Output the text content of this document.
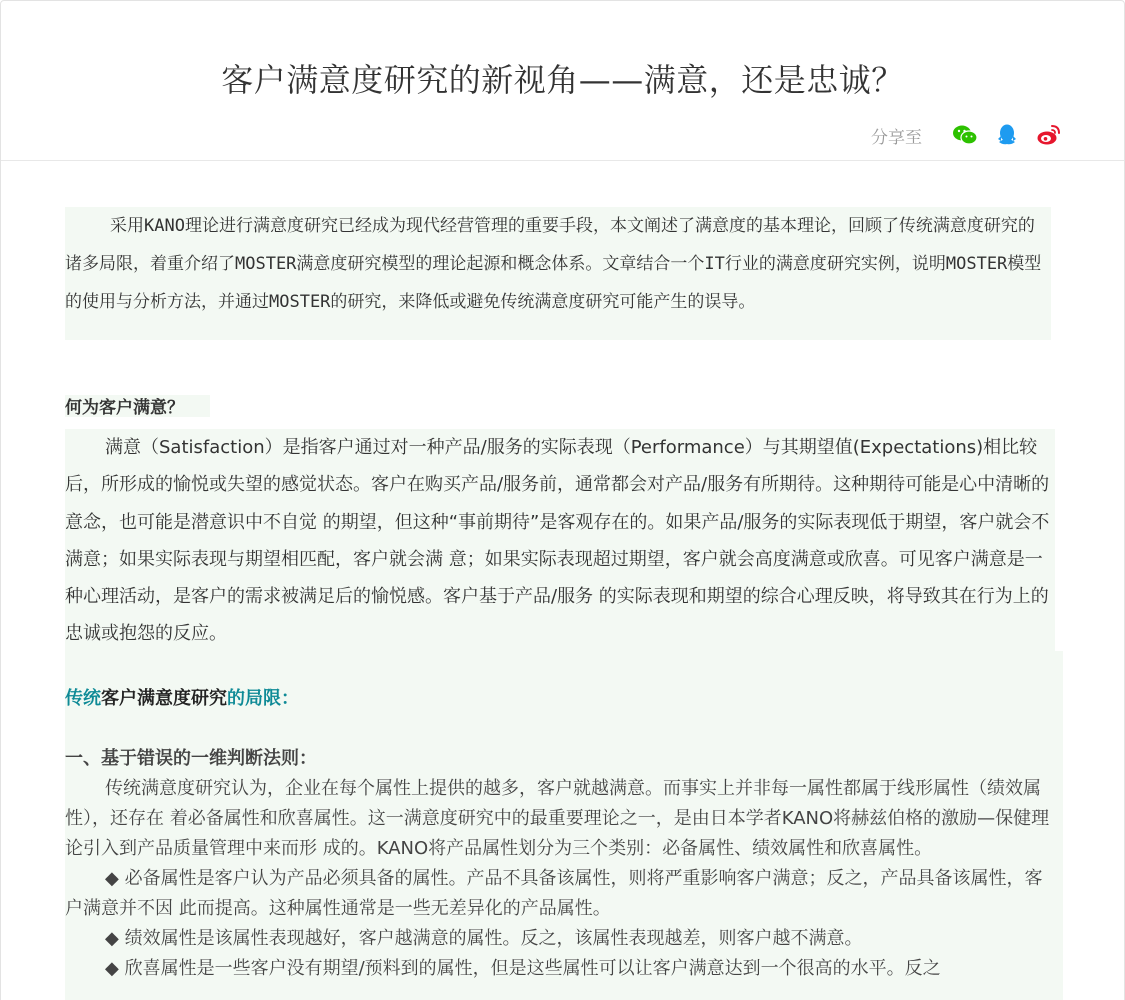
客户满意度研究的新视角——满意，还是忠诚？
分享至

采用KANO理论进行满意度研究已经成为现代经营管理的重要手段，本文阐述了满意度的基本理论，回顾了传统满意度研究的诸多局限，着重介绍了MOSTER满意度研究模型的理论起源和概念体系。文章结合一个IT行业的满意度研究实例，说明MOSTER模型的使用与分析方法，并通过MOSTER的研究，来降低或避免传统满意度研究可能产生的误导。

何为客户满意？

满意（Satisfaction）是指客户通过对一种产品/服务的实际表现（Performance）与其期望值(Expectations)相比较后，所形成的愉悦或失望的感觉状态。客户在购买产品/服务前，通常都会对产品/服务有所期待。这种期待可能是心中清晰的意念，也可能是潜意识中不自觉 的期望，但这种“事前期待”是客观存在的。如果产品/服务的实际表现低于期望，客户就会不满意；如果实际表现与期望相匹配，客户就会满 意；如果实际表现超过期望，客户就会高度满意或欣喜。可见客户满意是一种心理活动，是客户的需求被满足后的愉悦感。客户基于产品/服务 的实际表现和期望的综合心理反映，将导致其在行为上的忠诚或抱怨的反应。

传统客户满意度研究的局限：
一、基于错误的一维判断法则：

传统满意度研究认为，企业在每个属性上提供的越多，客户就越满意。而事实上并非每一属性都属于线形属性（绩效属性），还存在 着必备属性和欣喜属性。这一满意度研究中的最重要理论之一，是由日本学者KANO将赫兹伯格的激励—保健理论引入到产品质量管理中来而形 成的。KANO将产品属性划分为三个类别：必备属性、绩效属性和欣喜属性。

◆ 必备属性是客户认为产品必须具备的属性。产品不具备该属性，则将严重影响客户满意；反之，产品具备该属性，客户满意并不因 此而提高。这种属性通常是一些无差异化的产品属性。

◆ 绩效属性是该属性表现越好，客户越满意的属性。反之，该属性表现越差，则客户越不满意。

◆ 欣喜属性是一些客户没有期望/预料到的属性，但是这些属性可以让客户满意达到一个很高的水平。反之
